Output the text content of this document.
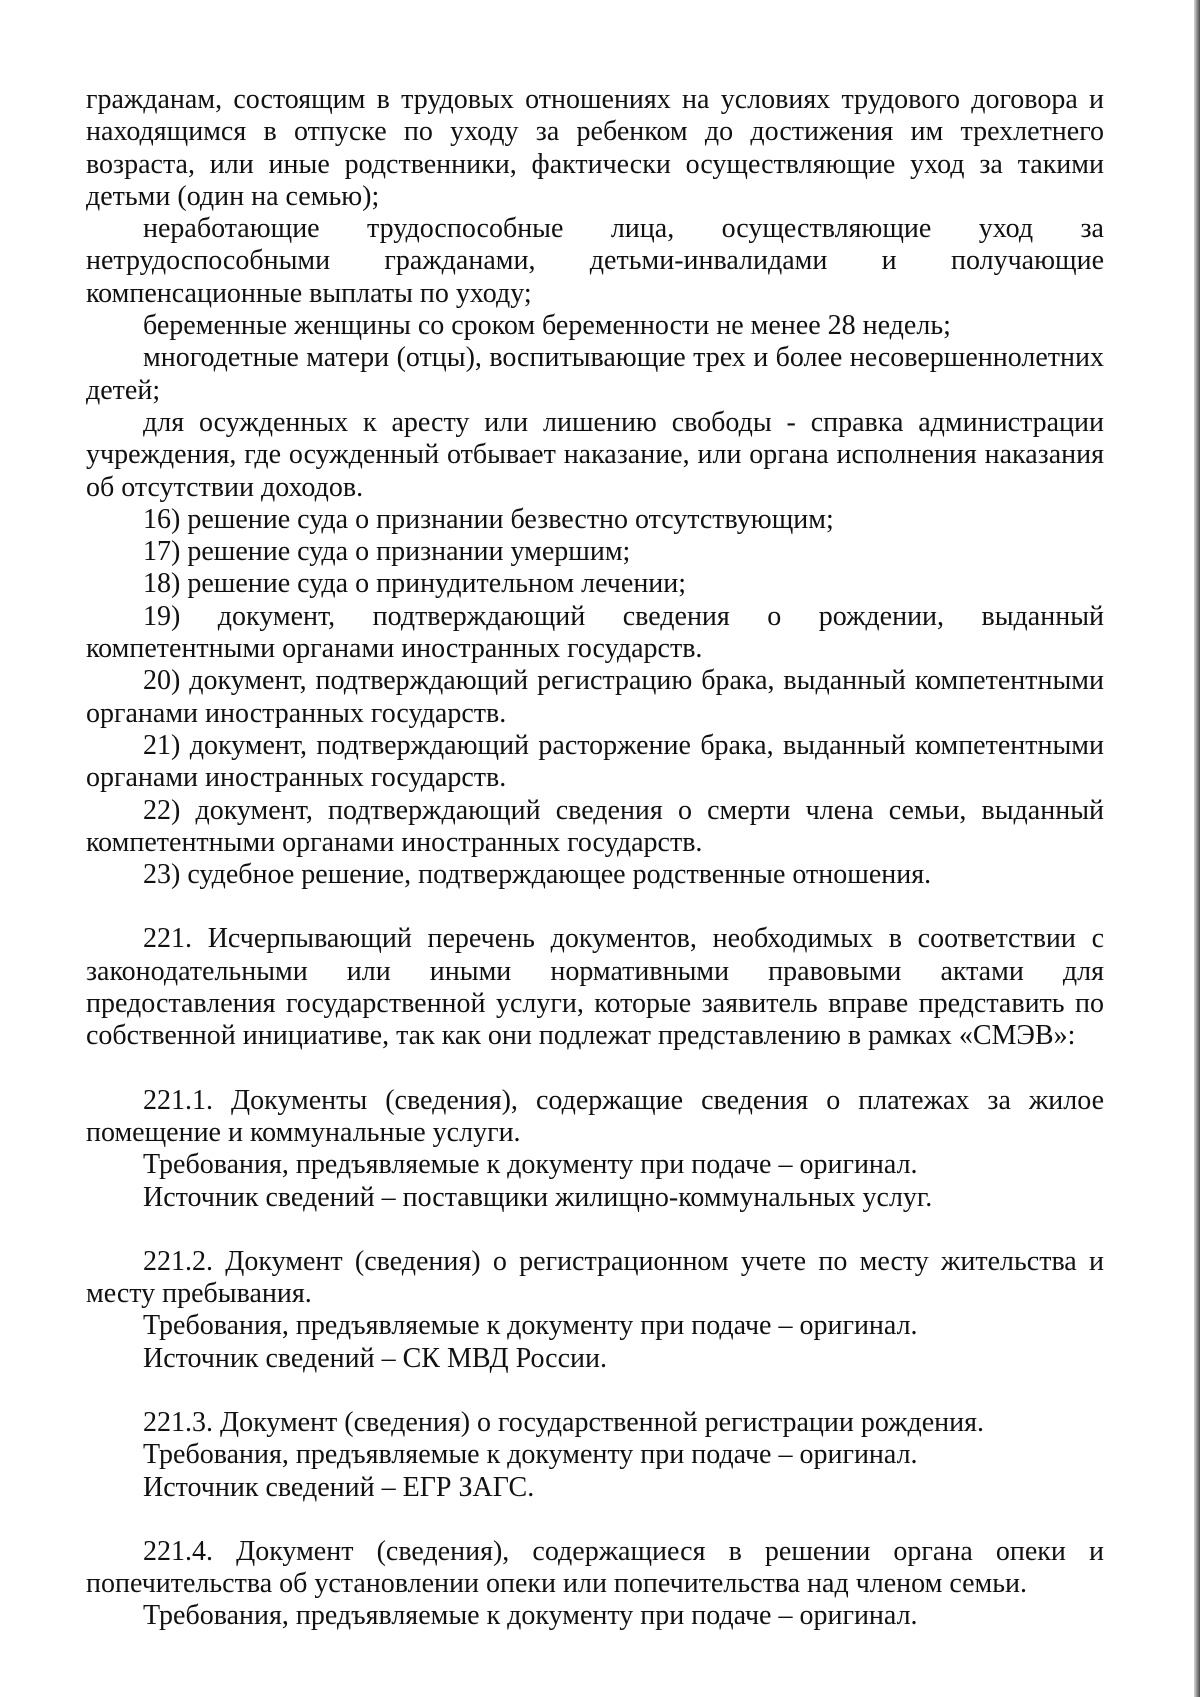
гражданам, состоящим в трудовых отношениях на условиях трудового договора и находящимся в отпуске по уходу за ребенком до достижения им трехлетнего возраста, или иные родственники, фактически осуществляющие уход за такими детьми (один на семью);

неработающие трудоспособные лица, осуществляющие уход за нетрудоспособными гражданами, детьми-инвалидами и получающие компенсационные выплаты по уходу;

беременные женщины со сроком беременности не менее 28 недель;

многодетные матери (отцы), воспитывающие трех и более несовершеннолетних детей;

для осужденных к аресту или лишению свободы - справка администрации учреждения, где осужденный отбывает наказание, или органа исполнения наказания об отсутствии доходов.

16) решение суда о признании безвестно отсутствующим;

17) решение суда о признании умершим;

18) решение суда о принудительном лечении;

19) документ, подтверждающий сведения о рождении, выданный компетентными органами иностранных государств.

20) документ, подтверждающий регистрацию брака, выданный компетентными органами иностранных государств.

21) документ, подтверждающий расторжение брака, выданный компетентными органами иностранных государств.

22) документ, подтверждающий сведения о смерти члена семьи, выданный компетентными органами иностранных государств.

23) судебное решение, подтверждающее родственные отношения.

221. Исчерпывающий перечень документов, необходимых в соответствии с законодательными или иными нормативными правовыми актами для предоставления государственной услуги, которые заявитель вправе представить по собственной инициативе, так как они подлежат представлению в рамках «СМЭВ»:

221.1. Документы (сведения), содержащие сведения о платежах за жилое помещение и коммунальные услуги.

Требования, предъявляемые к документу при подаче – оригинал.

Источник сведений – поставщики жилищно-коммунальных услуг.

221.2. Документ (сведения) о регистрационном учете по месту жительства и месту пребывания.

Требования, предъявляемые к документу при подаче – оригинал.

Источник сведений – СК МВД России.

221.3. Документ (сведения) о государственной регистрации рождения.

Требования, предъявляемые к документу при подаче – оригинал.

Источник сведений – ЕГР ЗАГС.

221.4. Документ (сведения), содержащиеся в решении органа опеки и попечительства об установлении опеки или попечительства над членом семьи.

Требования, предъявляемые к документу при подаче – оригинал.
